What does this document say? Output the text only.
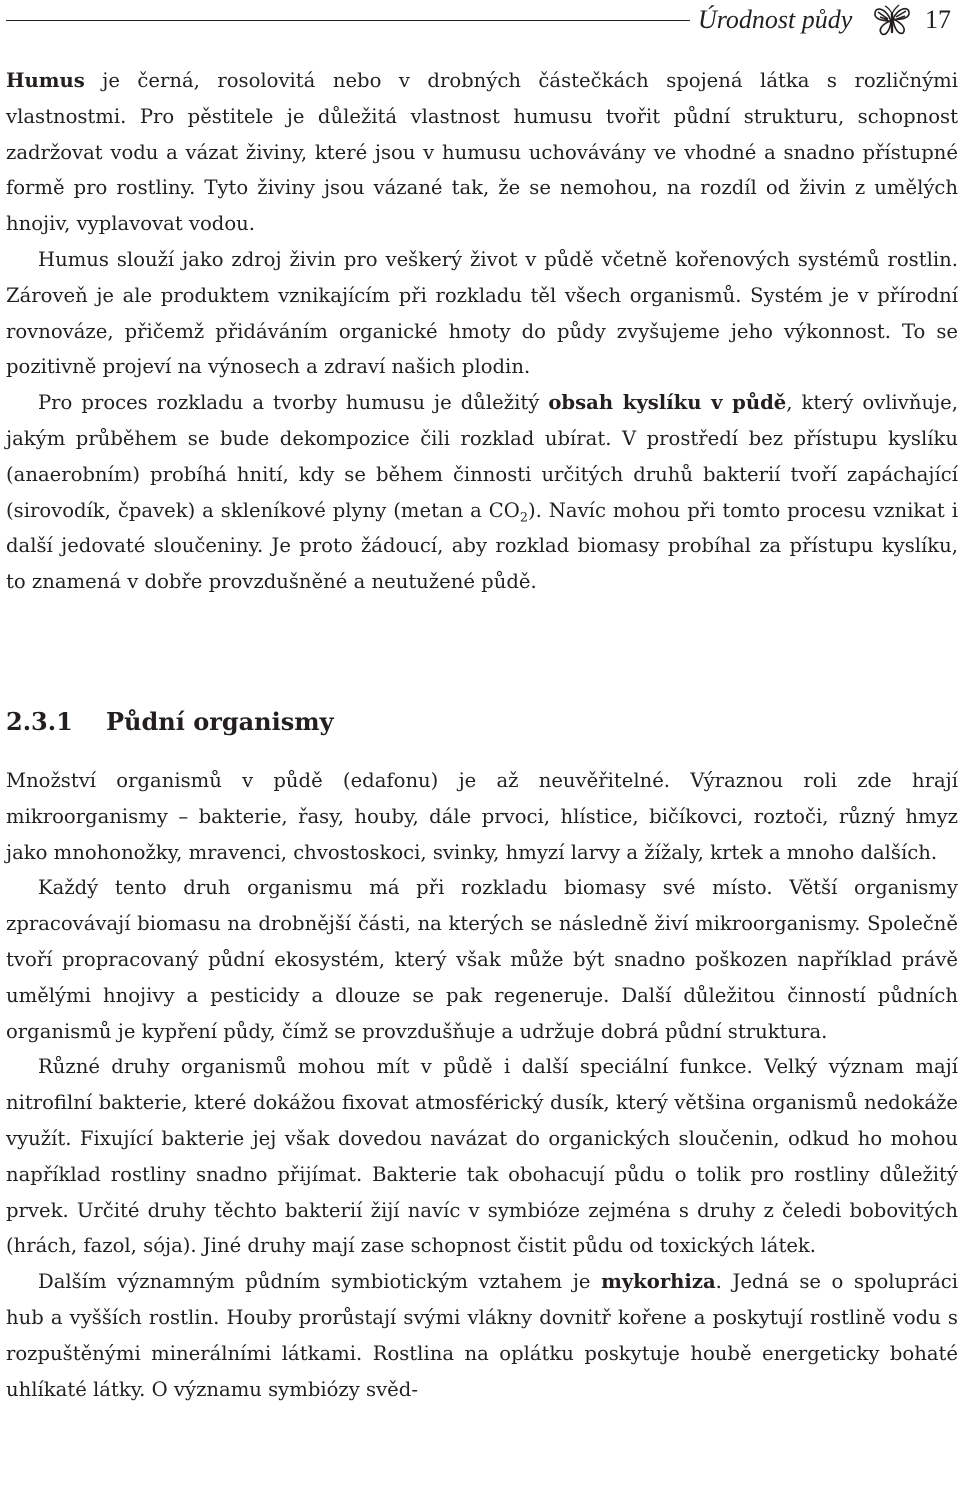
Úrodnost půdy	17

Humus je černá, rosolovitá nebo v drobných částečkách spojená látka s rozličnými vlastnostmi. Pro pěstitele je důležitá vlastnost humusu tvořit půdní strukturu, schopnost zadržovat vodu a vázat živiny, které jsou v humusu uchovávány ve vhodné a snadno přístupné formě pro rostliny. Tyto živiny jsou vázané tak, že se nemohou, na rozdíl od živin z umělých hnojiv, vyplavovat vodou.

Humus slouží jako zdroj živin pro veškerý život v půdě včetně kořenových systémů rostlin. Zároveň je ale produktem vznikajícím při rozkladu těl všech organismů. Systém je v přírodní rovnováze, přičemž přidáváním organické hmoty do půdy zvyšujeme jeho výkonnost. To se pozitivně projeví na výnosech a zdraví našich plodin.

Pro proces rozkladu a tvorby humusu je důležitý obsah kyslíku v půdě, který ovlivňuje, jakým průběhem se bude dekompozice čili rozklad ubírat. V prostředí bez přístupu kyslíku (anaerobním) probíhá hnití, kdy se během činnosti určitých druhů bakterií tvoří zapáchající (sirovodík, čpavek) a skleníkové plyny (metan a $CO_2$). Navíc mohou při tomto procesu vznikat i další jedovaté sloučeniny. Je proto žádoucí, aby rozklad biomasy probíhal za přístupu kyslíku, to znamená v dobře provzdušněné a neutužené půdě.

2.3.1 Půdní organismy

Množství organismů v půdě (edafonu) je až neuvěřitelné. Výraznou roli zde hrají mikroorganismy – bakterie, řasy, houby, dále prvoci, hlístice, bičíkovci, roztoči, různý hmyz jako mnohonožky, mravenci, chvostoskoci, svinky, hmyzí larvy a žížaly, krtek a mnoho dalších.

Každý tento druh organismu má při rozkladu biomasy své místo. Větší organismy zpracovávají biomasu na drobnější části, na kterých se následně živí mikroorganismy. Společně tvoří propracovaný půdní ekosystém, který však může být snadno poškozen například právě umělými hnojivy a pesticidy a dlouze se pak regeneruje. Další důležitou činností půdních organismů je kypření půdy, čímž se provzdušňuje a udržuje dobrá půdní struktura.

Různé druhy organismů mohou mít v půdě i další speciální funkce. Velký význam mají nitrofilní bakterie, které dokážou fixovat atmosférický dusík, který většina organismů nedokáže využít. Fixující bakterie jej však dovedou navázat do organických sloučenin, odkud ho mohou například rostliny snadno přijímat. Bakterie tak obohacují půdu o tolik pro rostliny důležitý prvek. Určité druhy těchto bakterií žijí navíc v symbióze zejména s druhy z čeledi bobovitých (hrách, fazol, sója). Jiné druhy mají zase schopnost čistit půdu od toxických látek.

Dalším významným půdním symbiotickým vztahem je mykorhiza. Jedná se o spolupráci hub a vyšších rostlin. Houby prorůstají svými vlákny dovnitř kořene a poskytují rostlině vodu s rozpuštěnými minerálními látkami. Rostlina na oplátku poskytuje houbě energeticky bohaté uhlíkaté látky. O významu symbiózy svěd-
